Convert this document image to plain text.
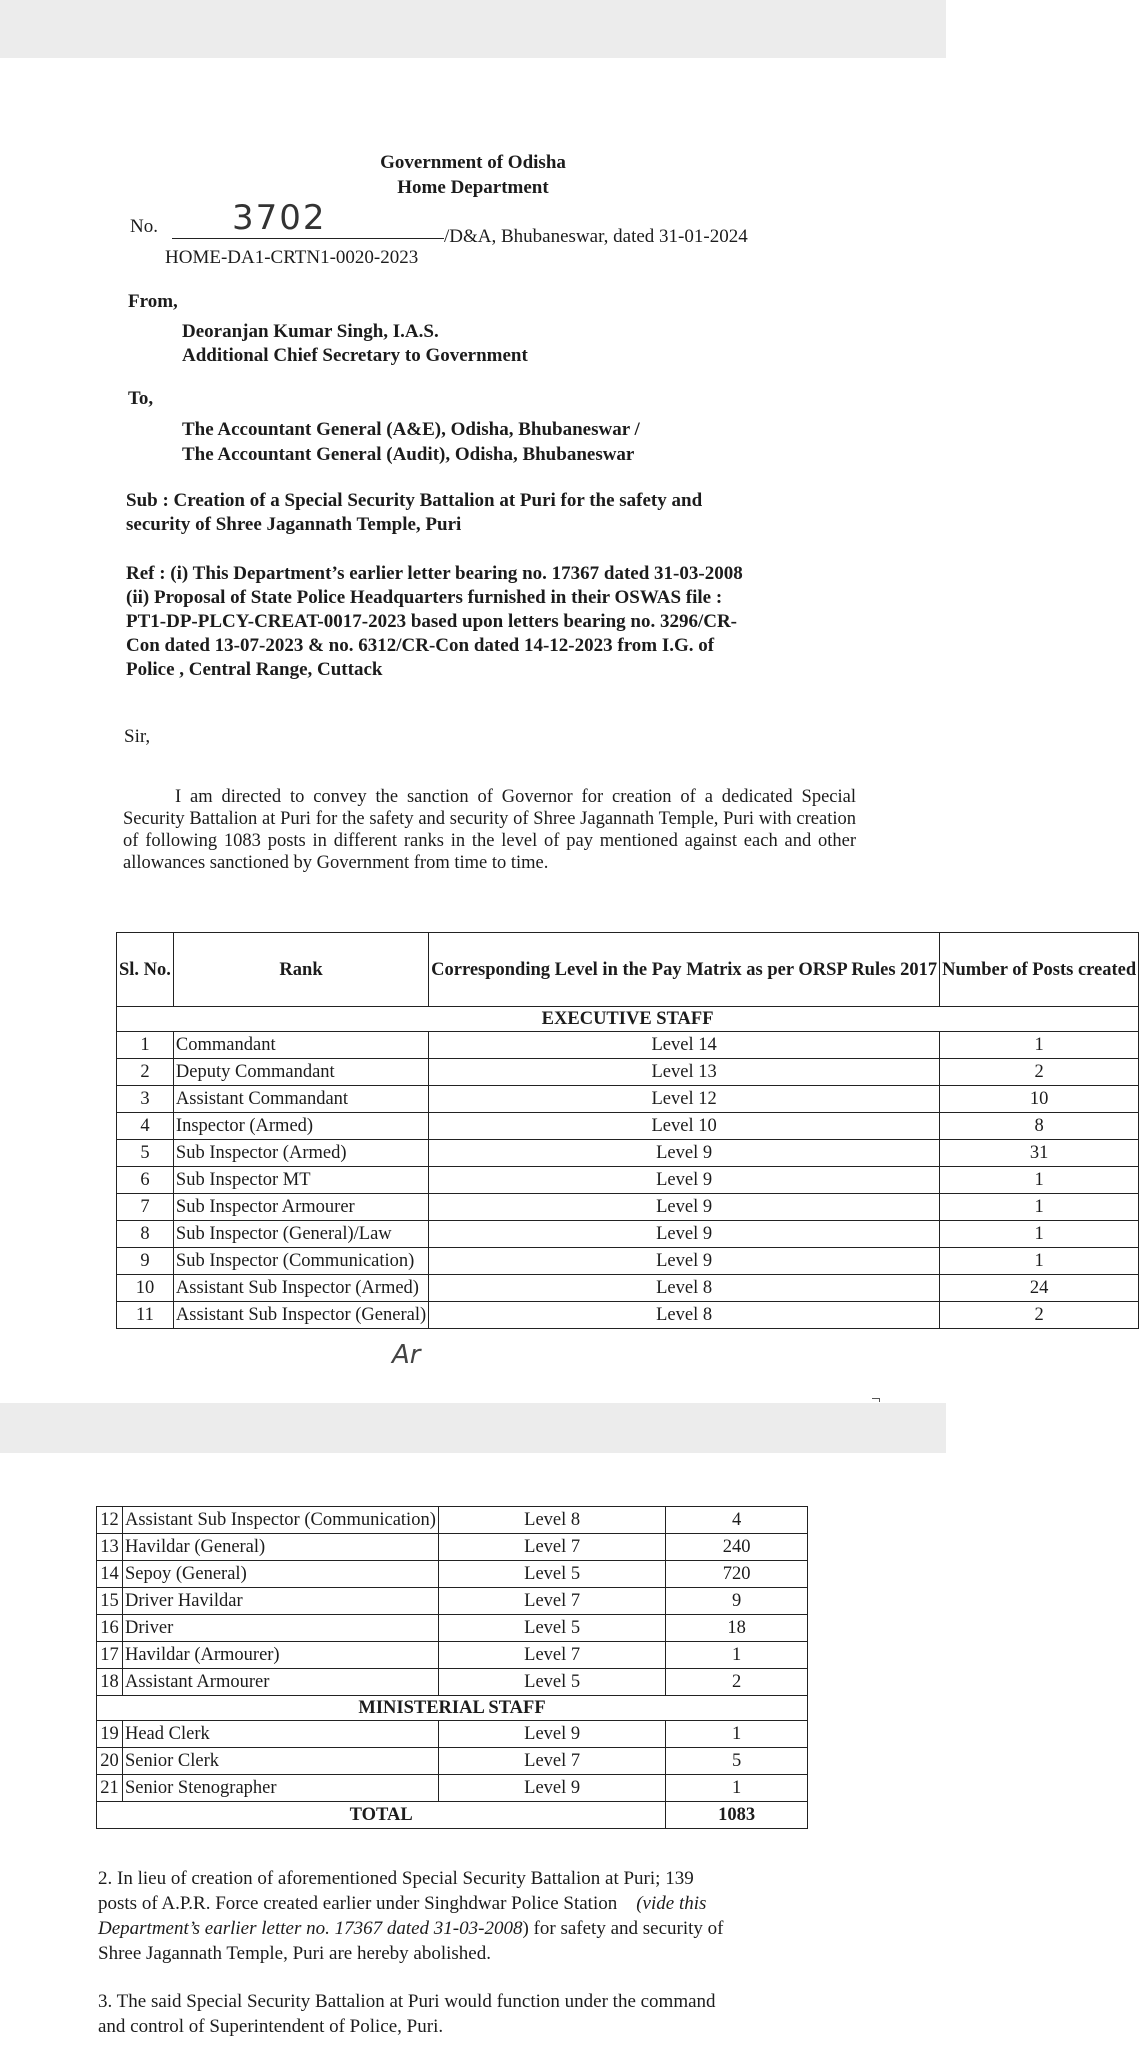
Government of Odisha
Home Department
No. 3702	/D&A, Bhubaneswar, dated 31-01-2024
HOME-DA1-CRTN1-0020-2023
From,
Deoranjan Kumar Singh, I.A.S.
Additional Chief Secretary to Government
To,
The Accountant General (A&E), Odisha, Bhubaneswar /
The Accountant General (Audit), Odisha, Bhubaneswar
Sub : Creation of a Special Security Battalion at Puri for the safety and
security of Shree Jagannath Temple, Puri
Ref : (i) This Department’s earlier letter bearing no. 17367 dated 31-03-2008
(ii) Proposal of State Police Headquarters furnished in their OSWAS file :
PT1-DP-PLCY-CREAT-0017-2023 based upon letters bearing no. 3296/CR-
Con dated 13-07-2023 & no. 6312/CR-Con dated 14-12-2023 from I.G. of
Police , Central Range, Cuttack
Sir,
I am directed to convey the sanction of Governor for creation of a dedicated Special Security Battalion at Puri for the safety and security of Shree Jagannath Temple, Puri with creation of following 1083 posts in different ranks in the level of pay mentioned against each and other allowances sanctioned by Government from time to time.
Sl. No.	Rank	Corresponding Level in the Pay Matrix as per ORSP Rules 2017	Number of Posts created
EXECUTIVE STAFF			
1	Commandant	Level 14	1
2	Deputy Commandant	Level 13	2
3	Assistant Commandant	Level 12	10
4	Inspector (Armed)	Level 10	8
5	Sub Inspector (Armed)	Level 9	31
6	Sub Inspector MT	Level 9	1
7	Sub Inspector Armourer	Level 9	1
8	Sub Inspector (General)/Law	Level 9	1
9	Sub Inspector (Communication)	Level 9	1
10	Assistant Sub Inspector (Armed)	Level 8	24
11	Assistant Sub Inspector (General)	Level 8	2
Ar
12	Assistant Sub Inspector (Communication)	Level 8	4
13	Havildar (General)	Level 7	240
14	Sepoy (General)	Level 5	720
15	Driver Havildar	Level 7	9
16	Driver	Level 5	18
17	Havildar (Armourer)	Level 7	1
18	Assistant Armourer	Level 5	2
MINISTERIAL STAFF			
19	Head Clerk	Level 9	1
20	Senior Clerk	Level 7	5
21	Senior Stenographer	Level 9	1
TOTAL			1083
2. In lieu of creation of aforementioned Special Security Battalion at Puri; 139
posts of A.P.R. Force created earlier under Singhdwar Police Station (vide this
Department’s earlier letter no. 17367 dated 31-03-2008) for safety and security of
Shree Jagannath Temple, Puri are hereby abolished.
3. The said Special Security Battalion at Puri would function under the command
and control of Superintendent of Police, Puri.
